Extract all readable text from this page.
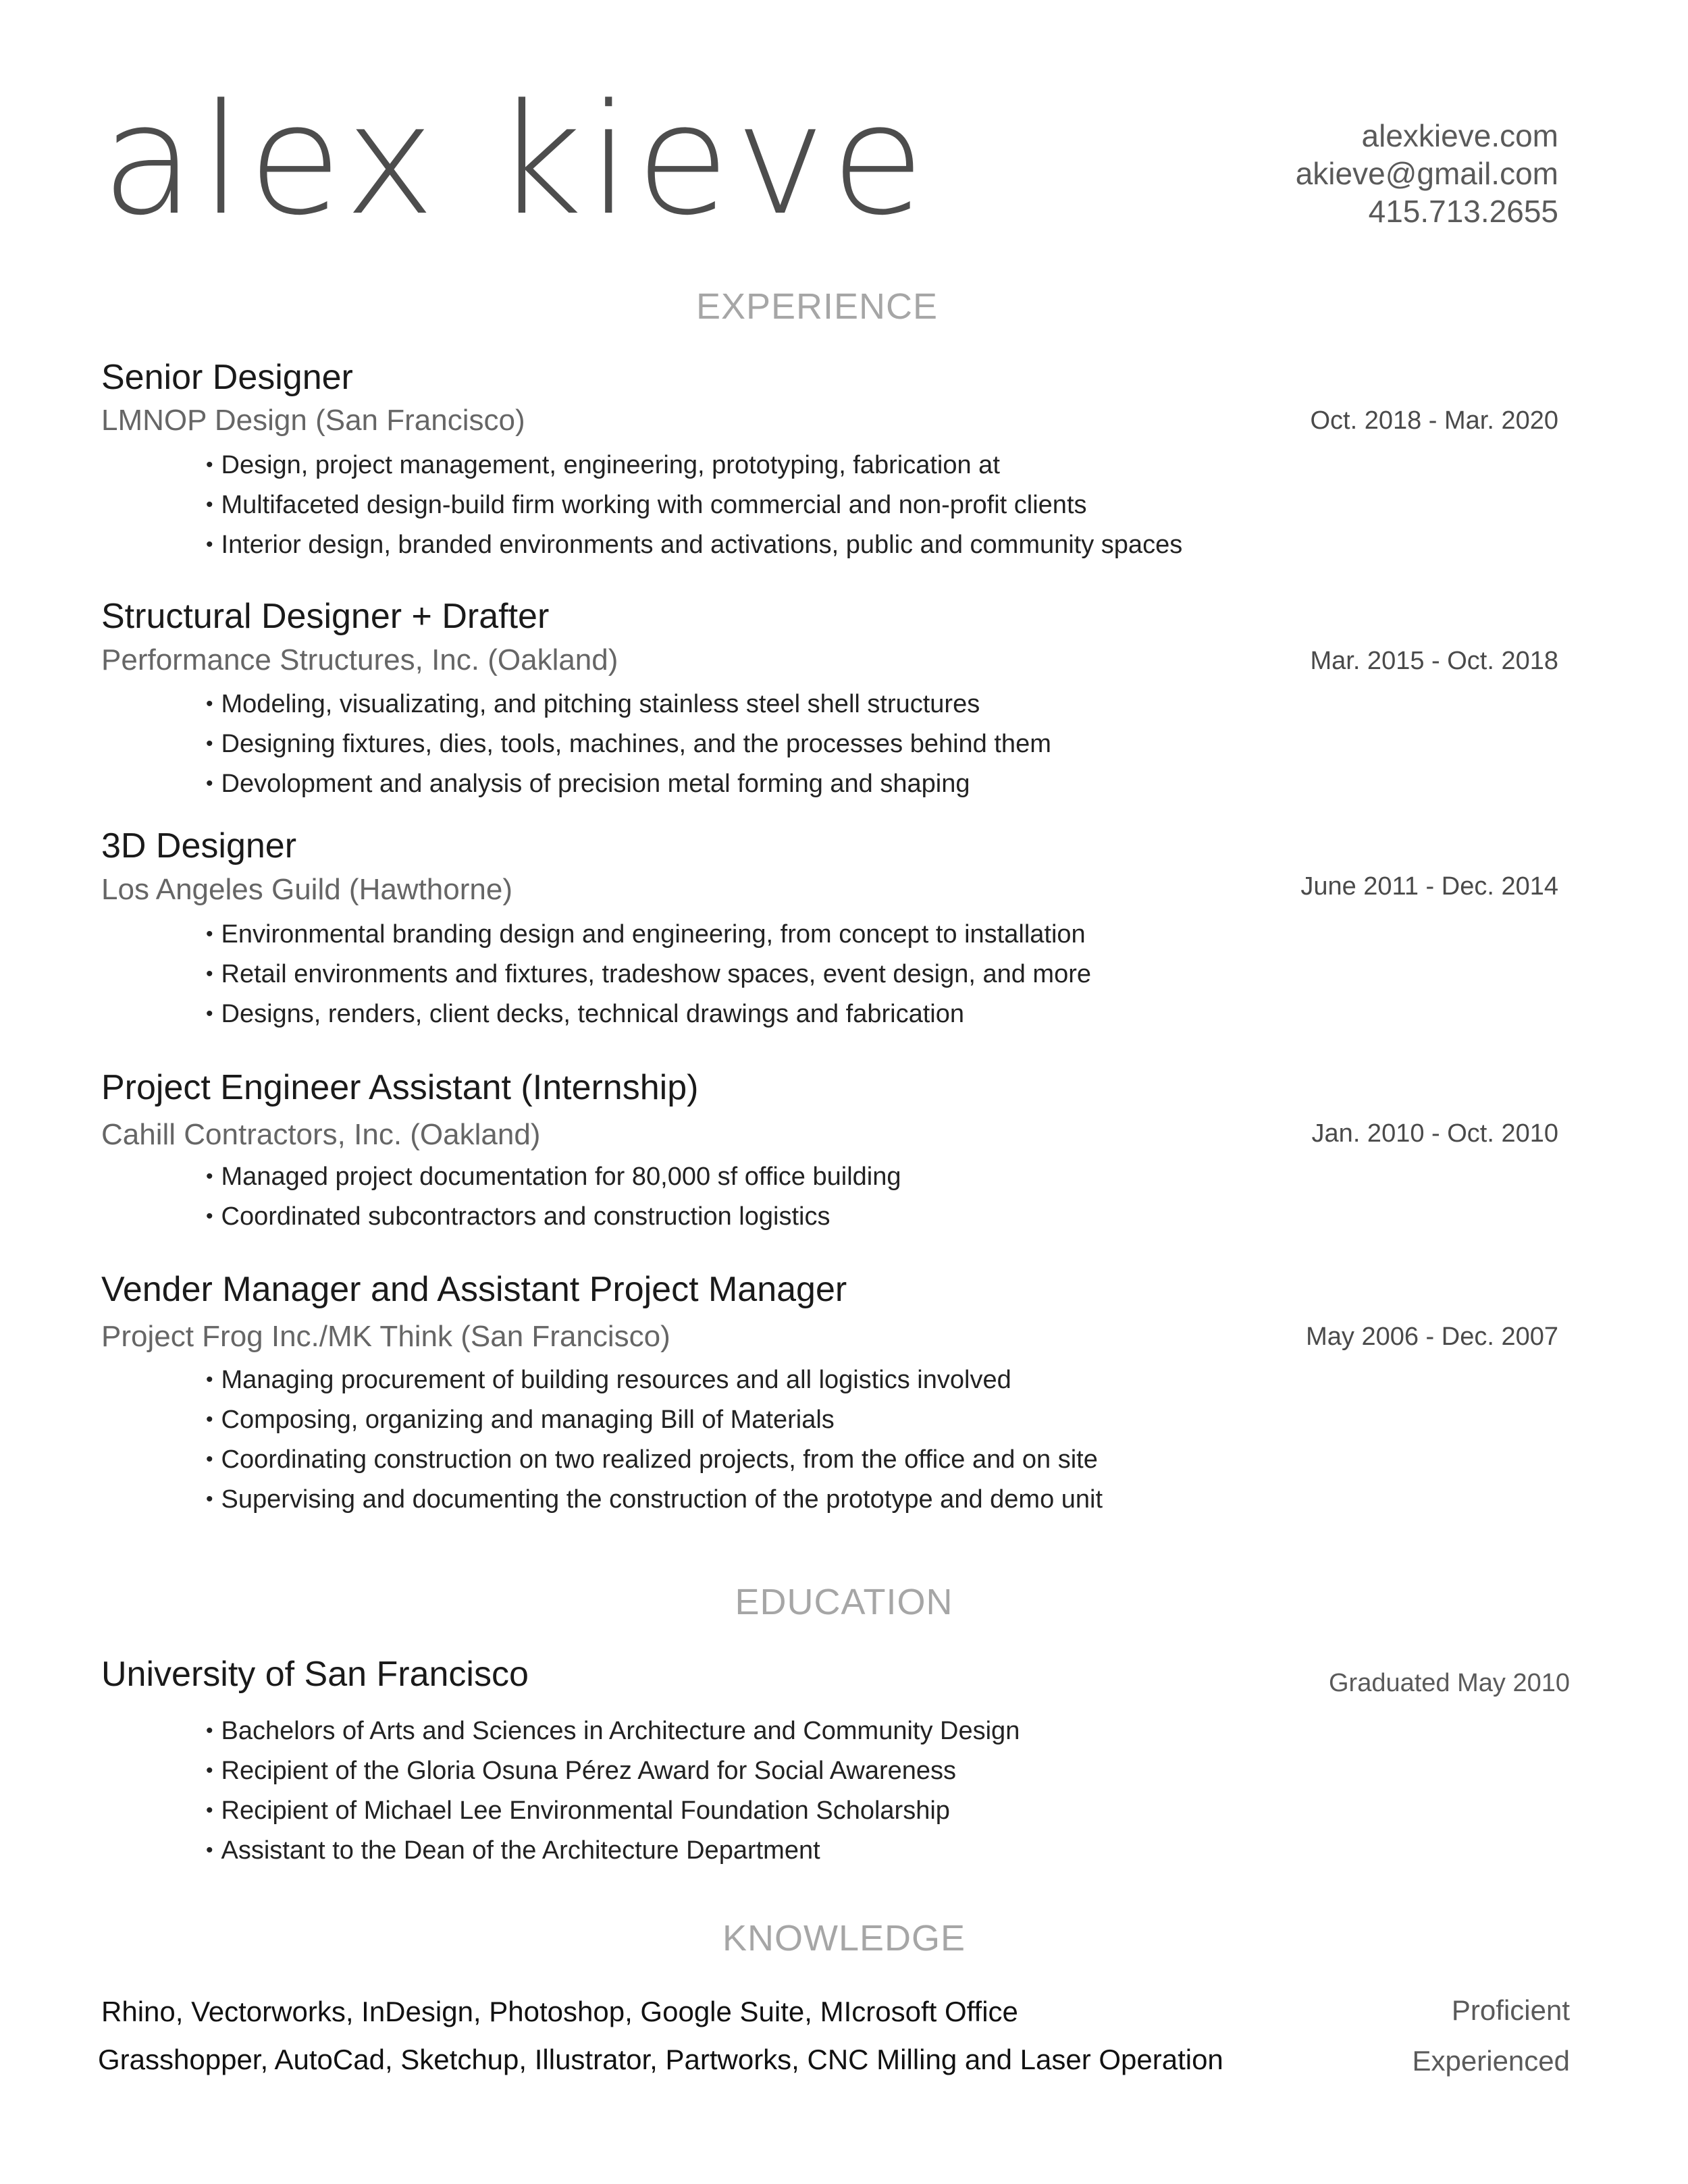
alex kieve	alexkieve.com
akieve@gmail.com
415.713.2655
EXPERIENCE
Senior Designer
LMNOP Design (San Francisco)	Oct. 2018 - Mar. 2020
• Design, project management, engineering, prototyping, fabrication at
• Multifaceted design-build firm working with commercial and non-profit clients
• Interior design, branded environments and activations, public and community spaces
Structural Designer + Drafter
Performance Structures, Inc. (Oakland)	Mar. 2015 - Oct. 2018
• Modeling, visualizating, and pitching stainless steel shell structures
• Designing fixtures, dies, tools, machines, and the processes behind them
• Devolopment and analysis of precision metal forming and shaping
3D Designer
Los Angeles Guild (Hawthorne)	June 2011 - Dec. 2014
• Environmental branding design and engineering, from concept to installation
• Retail environments and fixtures, tradeshow spaces, event design, and more
• Designs, renders, client decks, technical drawings and fabrication
Project Engineer Assistant (Internship)
Cahill Contractors, Inc. (Oakland)	Jan. 2010 - Oct. 2010
• Managed project documentation for 80,000 sf office building
• Coordinated subcontractors and construction logistics
Vender Manager and Assistant Project Manager
Project Frog Inc./MK Think (San Francisco)	May 2006 - Dec. 2007
• Managing procurement of building resources and all logistics involved
• Composing, organizing and managing Bill of Materials
• Coordinating construction on two realized projects, from the office and on site
• Supervising and documenting the construction of the prototype and demo unit
EDUCATION
University of San Francisco	Graduated May 2010
• Bachelors of Arts and Sciences in Architecture and Community Design
• Recipient of the Gloria Osuna Pérez Award for Social Awareness
• Recipient of Michael Lee Environmental Foundation Scholarship
• Assistant to the Dean of the Architecture Department
KNOWLEDGE
Rhino, Vectorworks, InDesign, Photoshop, Google Suite, MIcrosoft Office	Proficient
Grasshopper, AutoCad, Sketchup, Illustrator, Partworks, CNC Milling and Laser Operation	Experienced
